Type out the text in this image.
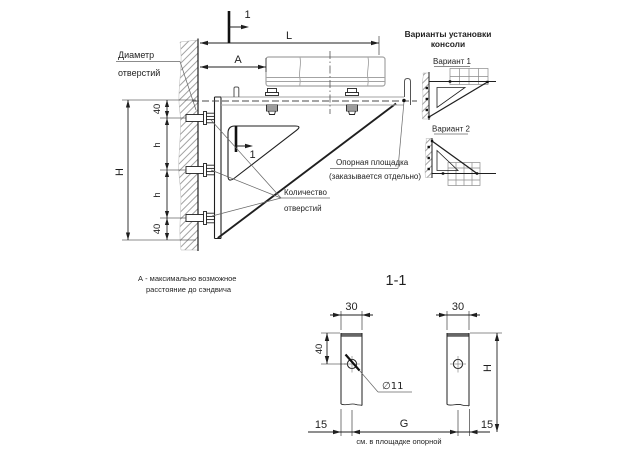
L
A
H
40
h
h
40
1
1
Диаметр
отверстий
Опорная площадка
(заказывается отдельно)
Количество
отверстий
А - максимально возможное
расстояние до сэндвича
Варианты установки
консоли
Вариант 1
Вариант 2
1-1
∅11
30	30
40
H
15	G	15
см. в площадке опорной
